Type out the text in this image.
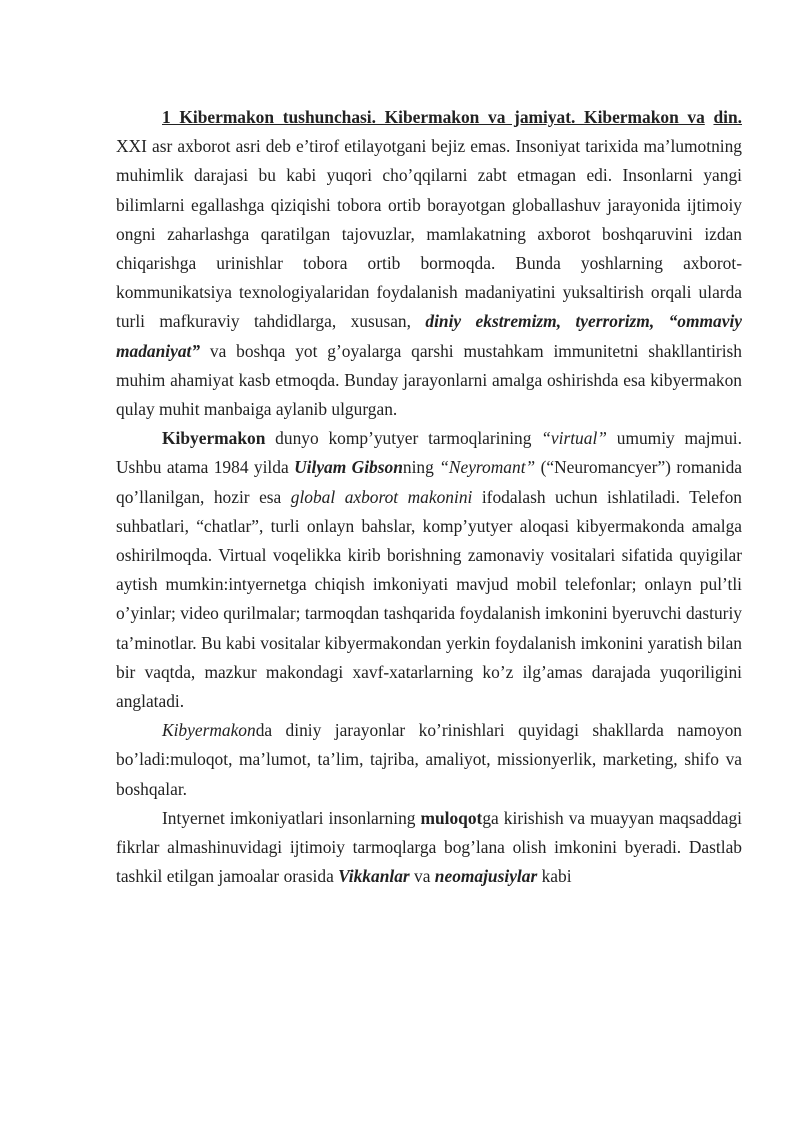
1 Kibermakon tushunchasi. Kibermakon va jamiyat. Kibermakon va din.  XXI asr axborot asri deb e’tirof etilayotgani bejiz emas. Insoniyat tarixida ma’lumotning muhimlik darajasi bu kabi yuqori cho’qqilarni zabt etmagan edi. Insonlarni yangi bilimlarni egallashga qiziqishi tobora ortib borayotgan globallashuv jarayonida ijtimoiy ongni zaharlashga qaratilgan tajovuzlar, mamlakatning axborot boshqaruvini izdan chiqarishga urinishlar tobora ortib bormoqda. Bunda yoshlarning axborot-kommunikatsiya texnologiyalaridan foydalanish madaniyatini yuksaltirish orqali ularda turli mafkuraviy tahdidlarga, xususan, diniy ekstremizm, tyerrorizm, “ommaviy madaniyat” va boshqa yot g’oyalarga qarshi mustahkam immunitetni shakllantirish muhim ahamiyat kasb etmoqda. Bunday jarayonlarni amalga oshirishda esa kibyermakon qulay muhit manbaiga aylanib ulgurgan.

Kibyermakon dunyo komp’yutyer tarmoqlarining “virtual” umumiy majmui. Ushbu atama 1984 yilda Uilyam Gibsonning “Neyromant” (“Neuromancyer”) romanida  qo’llanilgan, hozir esa global axborot makonini ifodalash uchun ishlatiladi. Telefon suhbatlari, “chatlar”, turli onlayn bahslar, komp’yutyer aloqasi kibyermakonda amalga oshirilmoqda. Virtual voqelikka kirib borishning zamonaviy vositalari sifatida quyigilar aytish mumkin:intyernetga chiqish imkoniyati mavjud mobil telefonlar; onlayn pul’tli o’yinlar; video qurilmalar; tarmoqdan tashqarida foydalanish imkonini byeruvchi dasturiy ta’minotlar. Bu kabi vositalar kibyermakondan yerkin foydalanish imkonini yaratish bilan bir vaqtda, mazkur makondagi xavf-xatarlarning ko’z ilg’amas darajada yuqoriligini anglatadi.

Kibyermakonda diniy jarayonlar ko’rinishlari quyidagi shakllarda namoyon bo’ladi:muloqot, ma’lumot, ta’lim, tajriba, amaliyot, missionyerlik, marketing, shifo va boshqalar.

Intyernet imkoniyatlari insonlarning muloqotga kirishish va muayyan maqsaddagi fikrlar almashinuvidagi ijtimoiy tarmoqlarga bog’lana olish imkonini byeradi. Dastlab tashkil etilgan jamoalar orasida Vikkanlar va neomajusiylar kabi
